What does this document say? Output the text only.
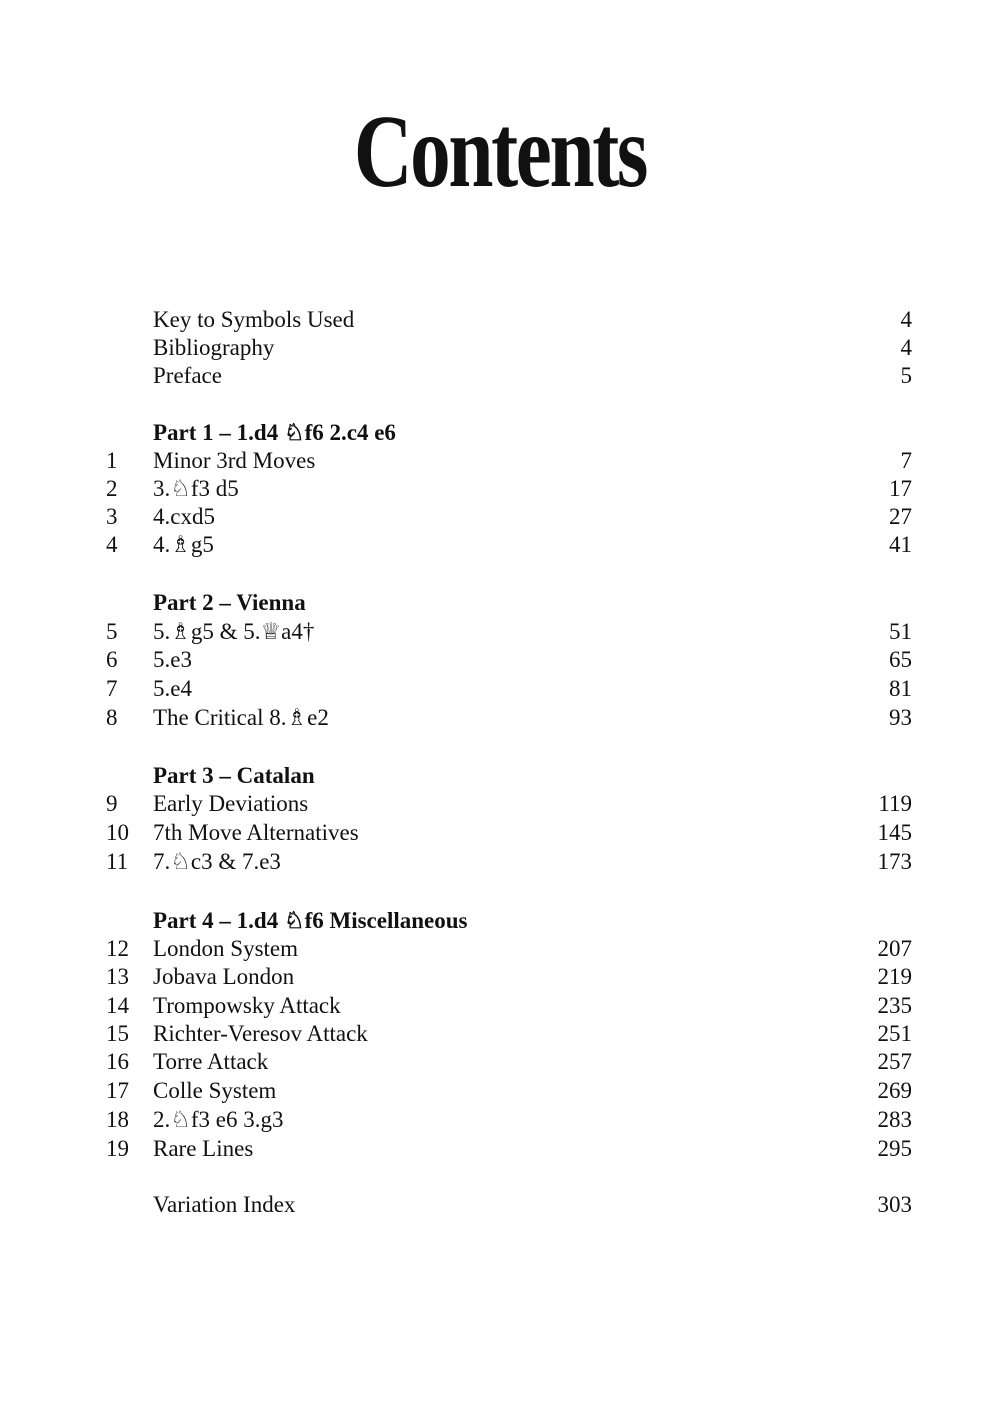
Contents
Key to Symbols Used	4
Bibliography	4
Preface	5
Part 1 – 1.d4 ♘f6 2.c4 e6
1	Minor 3rd Moves	7
2	3.♘f3 d5	17
3	4.cxd5	27
4	4.♗g5	41
Part 2 – Vienna
5	5.♗g5 & 5.♕a4†	51
6	5.e3	65
7	5.e4	81
8	The Critical 8.♗e2	93
Part 3 – Catalan
9	Early Deviations	119
10	7th Move Alternatives	145
11	7.♘c3 & 7.e3	173
Part 4 – 1.d4 ♘f6 Miscellaneous
12	London System	207
13	Jobava London	219
14	Trompowsky Attack	235
15	Richter-Veresov Attack	251
16	Torre Attack	257
17	Colle System	269
18	2.♘f3 e6 3.g3	283
19	Rare Lines	295
Variation Index	303
